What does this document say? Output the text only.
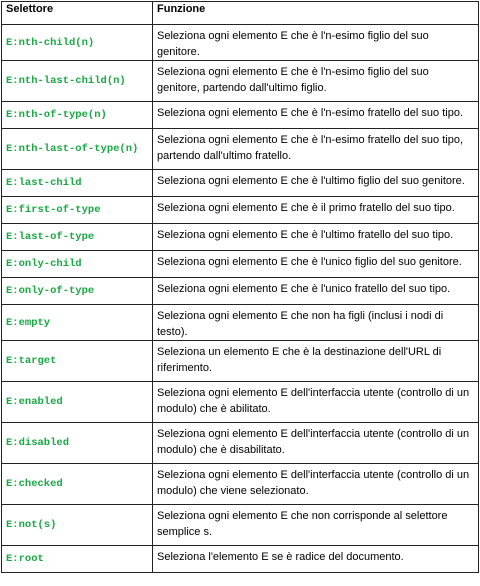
Selettore	Funzione
E:nth-child(n)	Seleziona ogni elemento E che è l'n-esimo figlio del suo genitore.
E:nth-last-child(n)	Seleziona ogni elemento E che è l'n-esimo figlio del suo genitore, partendo dall'ultimo figlio.
E:nth-of-type(n)	Seleziona ogni elemento E che è l'n-esimo fratello del suo tipo.
E:nth-last-of-type(n)	Seleziona ogni elemento E che è l'n-esimo fratello del suo tipo, partendo dall'ultimo fratello.
E:last-child	Seleziona ogni elemento E che è l'ultimo figlio del suo genitore.
E:first-of-type	Seleziona ogni elemento E che è il primo fratello del suo tipo.
E:last-of-type	Seleziona ogni elemento E che è l'ultimo fratello del suo tipo.
E:only-child	Seleziona ogni elemento E che è l'unico figlio del suo genitore.
E:only-of-type	Seleziona ogni elemento E che è l'unico fratello del suo tipo.
E:empty	Seleziona ogni elemento E che non ha figli (inclusi i nodi di testo).
E:target	Seleziona un elemento E che è la destinazione dell'URL di riferimento.
E:enabled	Seleziona ogni elemento E dell'interfaccia utente (controllo di un modulo) che è abilitato.
E:disabled	Seleziona ogni elemento E dell'interfaccia utente (controllo di un modulo) che è disabilitato.
E:checked	Seleziona ogni elemento E dell'interfaccia utente (controllo di un modulo) che viene selezionato.
E:not(s)	Seleziona ogni elemento E che non corrisponde al selettore semplice s.
E:root	Seleziona l'elemento E se è radice del documento.
